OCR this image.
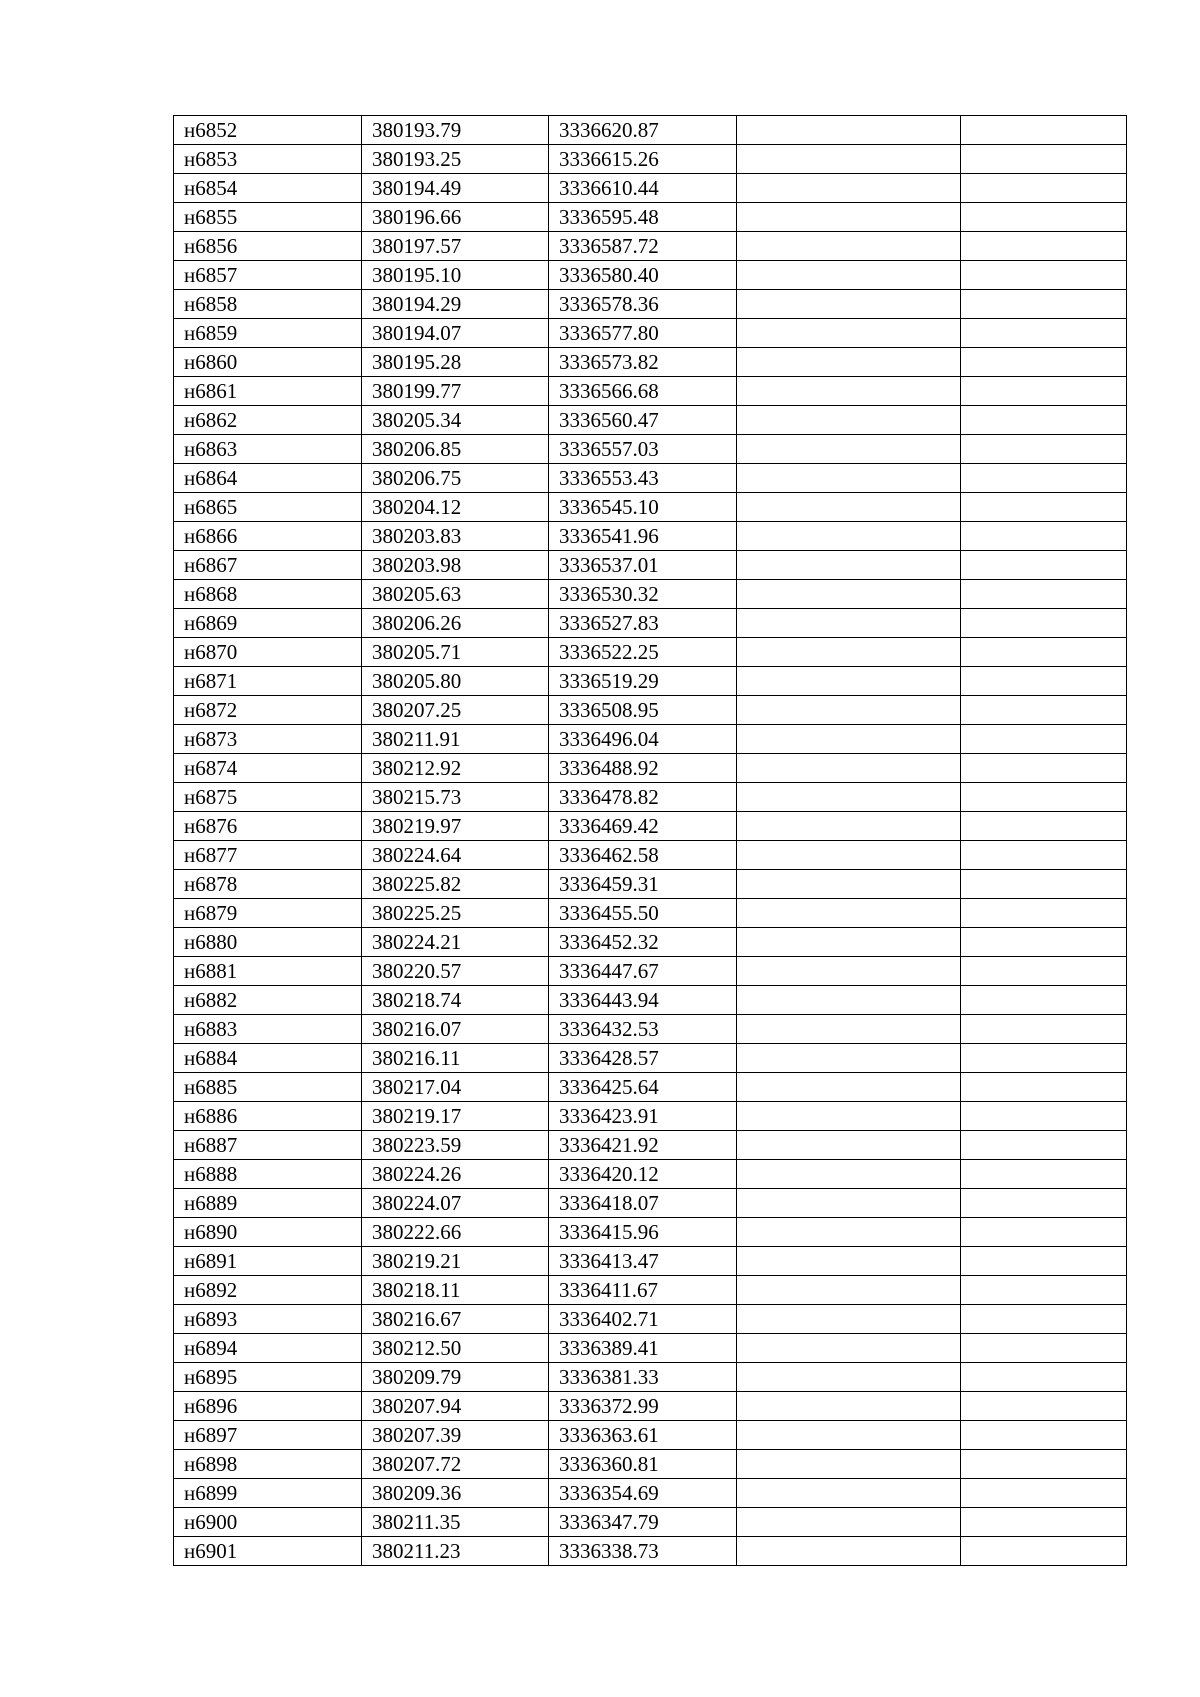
н6852	380193.79	3336620.87		
н6853	380193.25	3336615.26		
н6854	380194.49	3336610.44		
н6855	380196.66	3336595.48		
н6856	380197.57	3336587.72		
н6857	380195.10	3336580.40		
н6858	380194.29	3336578.36		
н6859	380194.07	3336577.80		
н6860	380195.28	3336573.82		
н6861	380199.77	3336566.68		
н6862	380205.34	3336560.47		
н6863	380206.85	3336557.03		
н6864	380206.75	3336553.43		
н6865	380204.12	3336545.10		
н6866	380203.83	3336541.96		
н6867	380203.98	3336537.01		
н6868	380205.63	3336530.32		
н6869	380206.26	3336527.83		
н6870	380205.71	3336522.25		
н6871	380205.80	3336519.29		
н6872	380207.25	3336508.95		
н6873	380211.91	3336496.04		
н6874	380212.92	3336488.92		
н6875	380215.73	3336478.82		
н6876	380219.97	3336469.42		
н6877	380224.64	3336462.58		
н6878	380225.82	3336459.31		
н6879	380225.25	3336455.50		
н6880	380224.21	3336452.32		
н6881	380220.57	3336447.67		
н6882	380218.74	3336443.94		
н6883	380216.07	3336432.53		
н6884	380216.11	3336428.57		
н6885	380217.04	3336425.64		
н6886	380219.17	3336423.91		
н6887	380223.59	3336421.92		
н6888	380224.26	3336420.12		
н6889	380224.07	3336418.07		
н6890	380222.66	3336415.96		
н6891	380219.21	3336413.47		
н6892	380218.11	3336411.67		
н6893	380216.67	3336402.71		
н6894	380212.50	3336389.41		
н6895	380209.79	3336381.33		
н6896	380207.94	3336372.99		
н6897	380207.39	3336363.61		
н6898	380207.72	3336360.81		
н6899	380209.36	3336354.69		
н6900	380211.35	3336347.79		
н6901	380211.23	3336338.73		
